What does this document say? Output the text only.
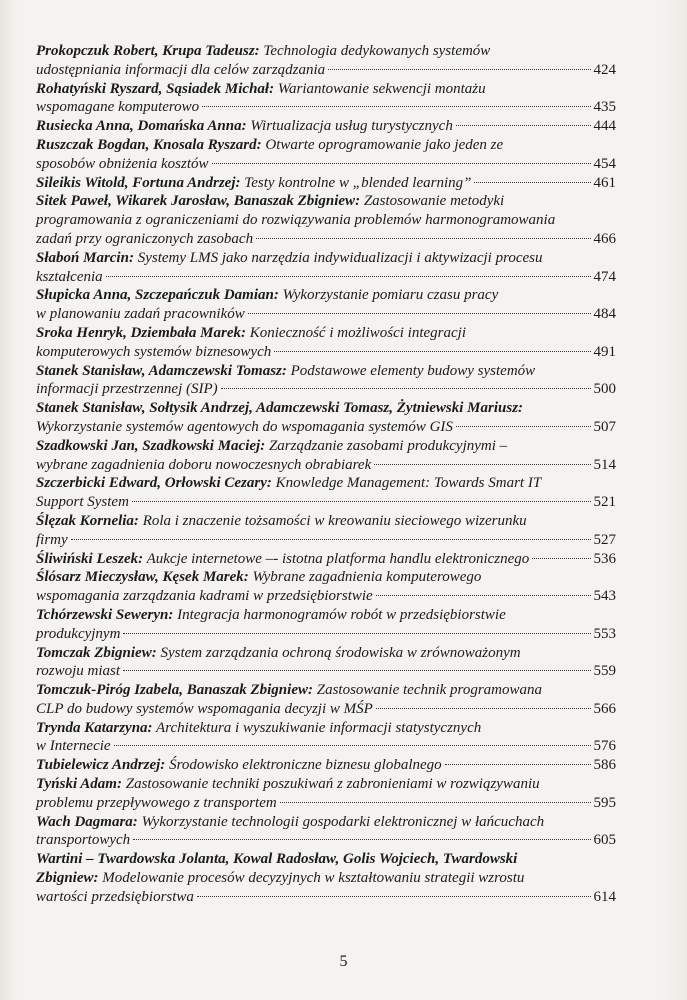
Prokopczuk Robert, Krupa Tadeusz: Technologia dedykowanych systemów
udostępniania informacji dla celów zarządzania	424
Rohatyński Ryszard, Sąsiadek Michał: Wariantowanie sekwencji montażu
wspomagane komputerowo	435
Rusiecka Anna, Domańska Anna: Wirtualizacja usług turystycznych	444
Ruszczak Bogdan, Knosala Ryszard: Otwarte oprogramowanie jako jeden ze
sposobów obniżenia kosztów	454
Sileikis Witold, Fortuna Andrzej: Testy kontrolne w „blended learning”	461
Sitek Paweł, Wikarek Jarosław, Banaszak Zbigniew: Zastosowanie metodyki
programowania z ograniczeniami do rozwiązywania problemów harmonogramowania
zadań przy ograniczonych zasobach	466
Słaboń Marcin: Systemy LMS jako narzędzia indywidualizacji i aktywizacji procesu
kształcenia	474
Słupicka Anna, Szczepańczuk Damian: Wykorzystanie pomiaru czasu pracy
w planowaniu zadań pracowników	484
Sroka Henryk, Dziembała Marek: Konieczność i możliwości integracji
komputerowych systemów biznesowych	491
Stanek Stanisław, Adamczewski Tomasz: Podstawowe elementy budowy systemów
informacji przestrzennej (SIP)	500
Stanek Stanisław, Sołtysik Andrzej, Adamczewski Tomasz, Żytniewski Mariusz:
Wykorzystanie systemów agentowych do wspomagania systemów GIS	507
Szadkowski Jan, Szadkowski Maciej: Zarządzanie zasobami produkcyjnymi –
wybrane zagadnienia doboru nowoczesnych obrabiarek	514
Szczerbicki Edward, Orłowski Cezary: Knowledge Management: Towards Smart IT
Support System	521
Ślęzak Kornelia: Rola i znaczenie tożsamości w kreowaniu sieciowego wizerunku
firmy	527
Śliwiński Leszek: Aukcje internetowe –- istotna platforma handlu elektronicznego	536
Ślósarz Mieczysław, Kęsek Marek: Wybrane zagadnienia komputerowego
wspomagania zarządzania kadrami w przedsiębiorstwie	543
Tchórzewski Seweryn: Integracja harmonogramów robót w przedsiębiorstwie
produkcyjnym	553
Tomczak Zbigniew: System zarządzania ochroną środowiska w zrównoważonym
rozwoju miast	559
Tomczuk-Piróg Izabela, Banaszak Zbigniew: Zastosowanie technik programowana
CLP do budowy systemów wspomagania decyzji w MŚP	566
Trynda Katarzyna: Architektura i wyszukiwanie informacji statystycznych
w Internecie	576
Tubielewicz Andrzej: Środowisko elektroniczne biznesu globalnego	586
Tyński Adam: Zastosowanie techniki poszukiwań z zabronieniami w rozwiązywaniu
problemu przepływowego z transportem	595
Wach Dagmara: Wykorzystanie technologii gospodarki elektronicznej w łańcuchach
transportowych	605
Wartini – Twardowska Jolanta, Kowal Radosław, Golis Wojciech, Twardowski
Zbigniew: Modelowanie procesów decyzyjnych w kształtowaniu strategii wzrostu
wartości przedsiębiorstwa	614
5
